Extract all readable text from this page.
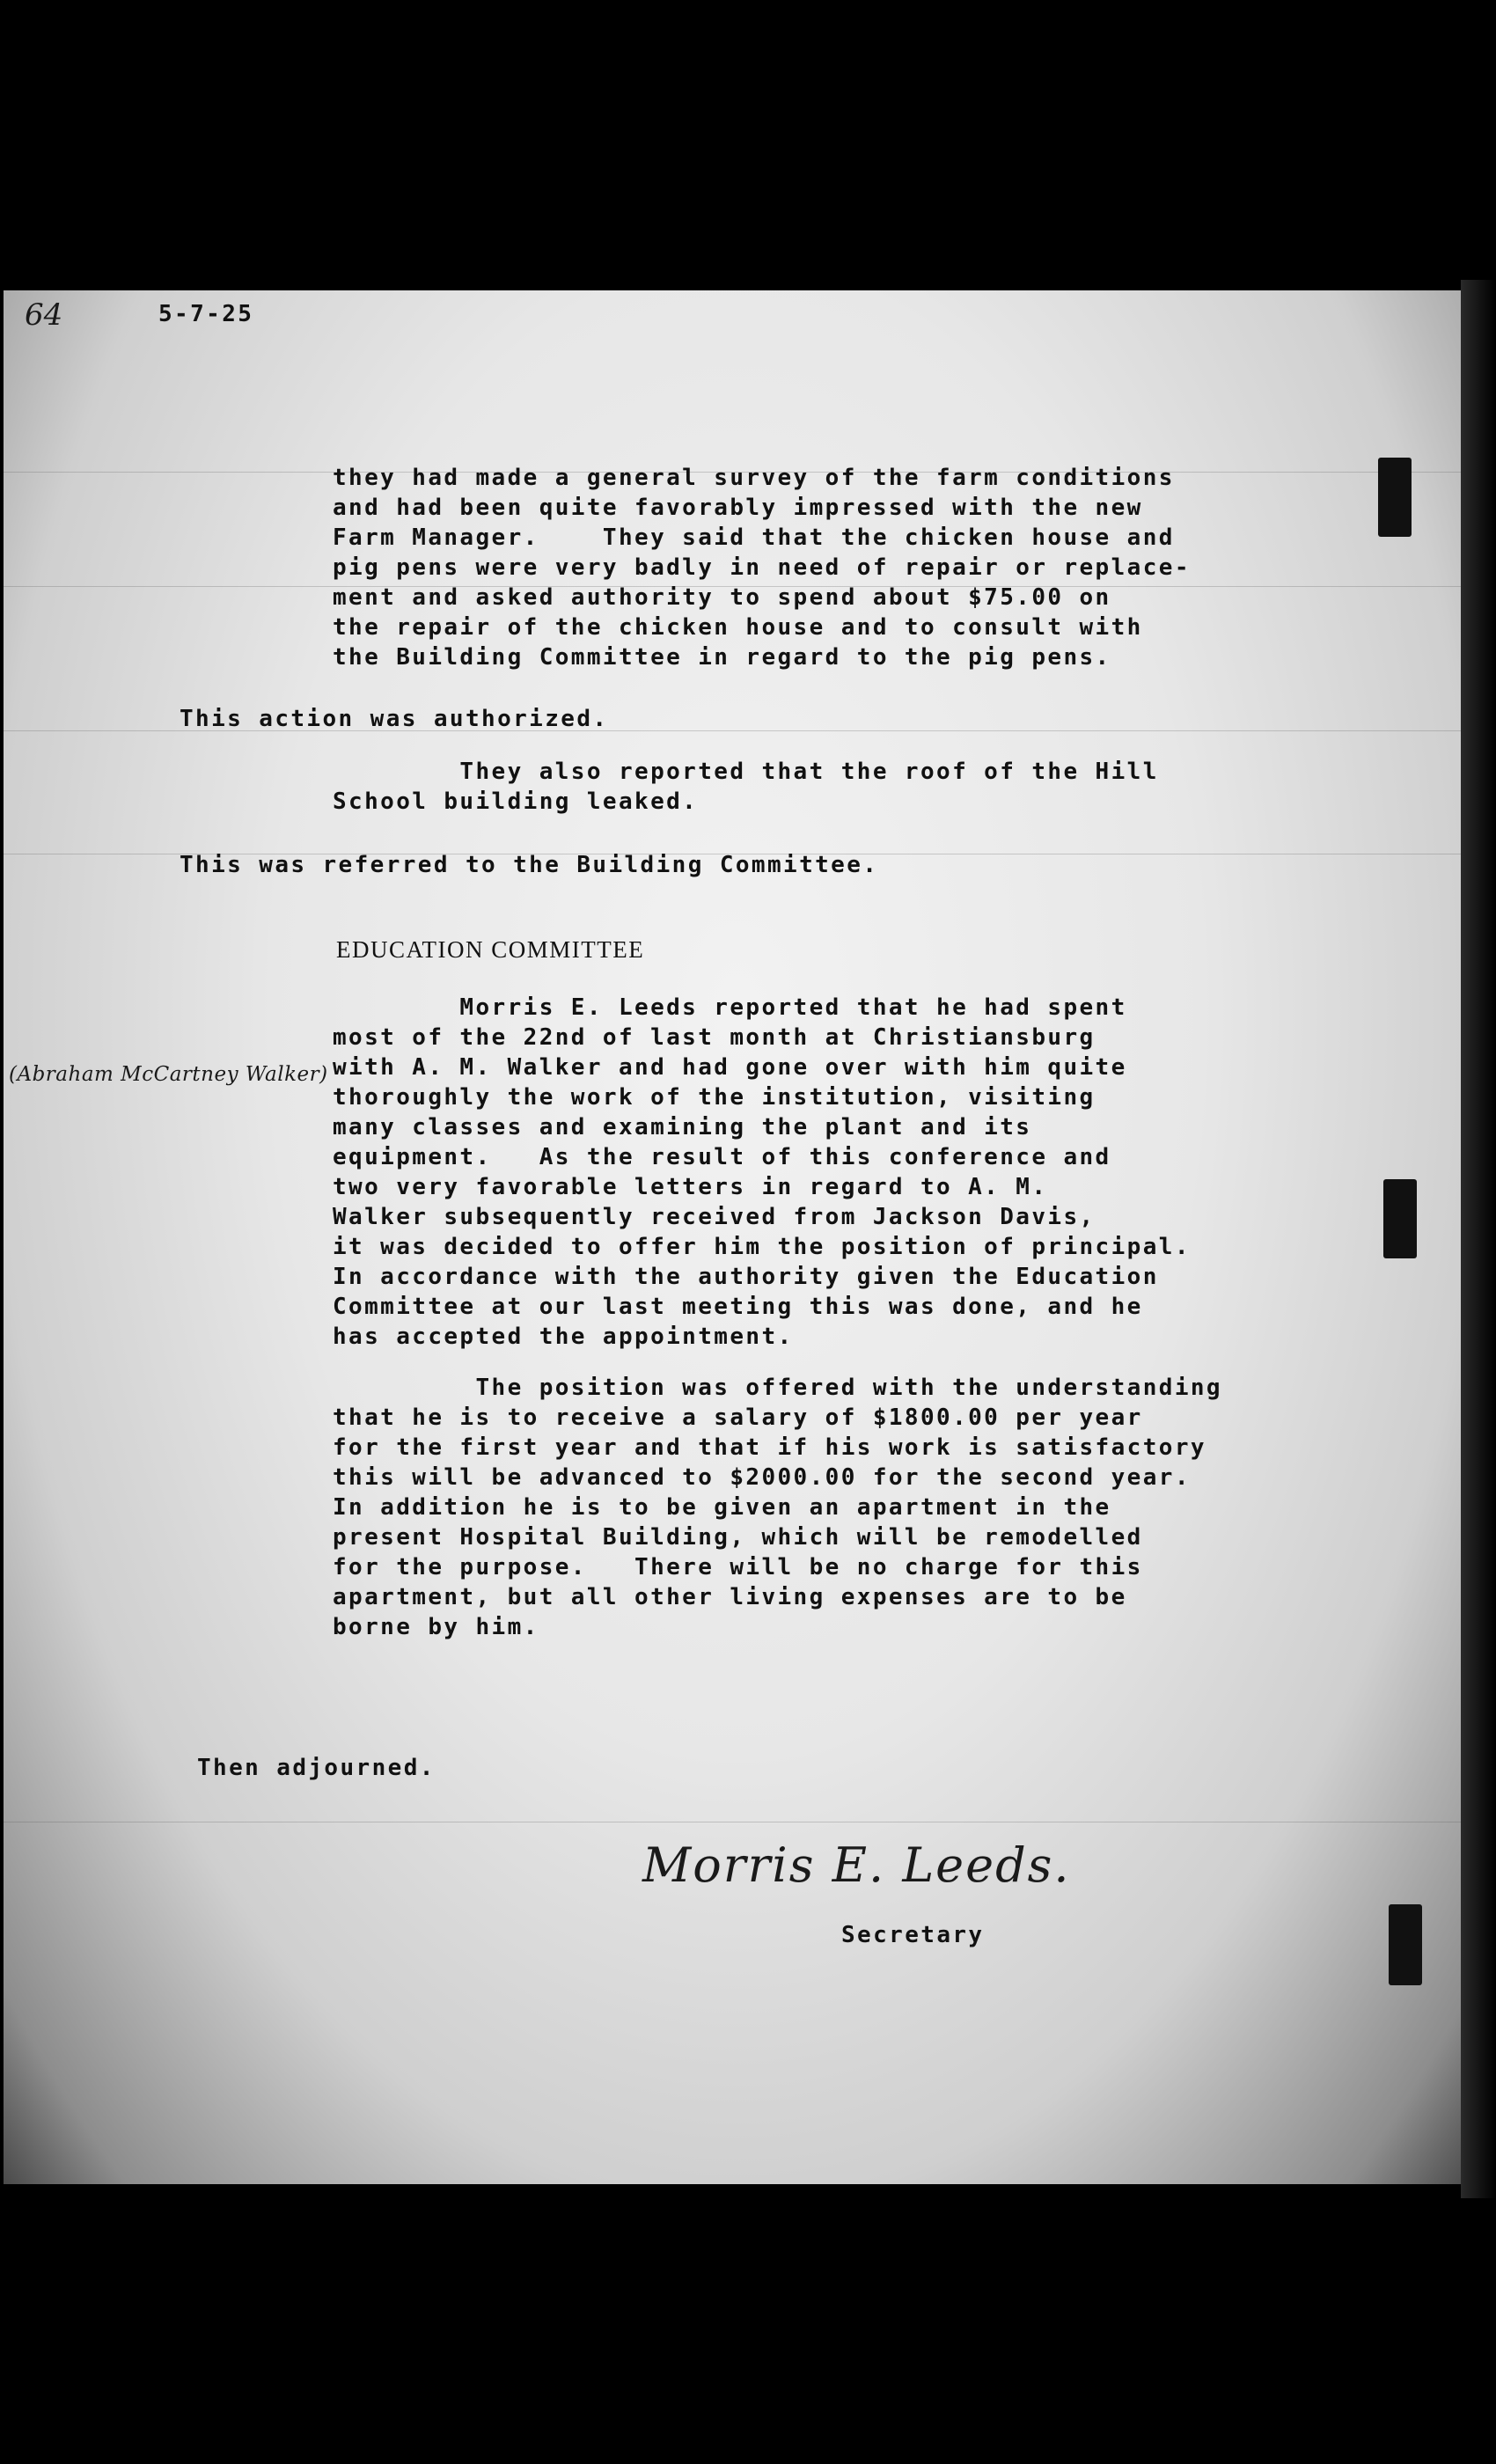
64	5-7-25

they had made a general survey of the farm conditions
and had been quite favorably impressed with the new
Farm Manager.    They said that the chicken house and
pig pens were very badly in need of repair or replace-
ment and asked authority to spend about $75.00 on
the repair of the chicken house and to consult with
the Building Committee in regard to the pig pens.

This action was authorized.

They also reported that the roof of the Hill
School building leaked.

This was referred to the Building Committee.

EDUCATION COMMITTEE

(Abraham McCartney Walker)

Morris E. Leeds reported that he had spent
most of the 22nd of last month at Christiansburg
with A. M. Walker and had gone over with him quite
thoroughly the work of the institution, visiting
many classes and examining the plant and its
equipment.   As the result of this conference and
two very favorable letters in regard to A. M.
Walker subsequently received from Jackson Davis,
it was decided to offer him the position of principal.
In accordance with the authority given the Education
Committee at our last meeting this was done, and he
has accepted the appointment.

The position was offered with the understanding
that he is to receive a salary of $1800.00 per year
for the first year and that if his work is satisfactory
this will be advanced to $2000.00 for the second year.
In addition he is to be given an apartment in the
present Hospital Building, which will be remodelled
for the purpose.   There will be no charge for this
apartment, but all other living expenses are to be
borne by him.

Then adjourned.

Morris E. Leeds.

Secretary
